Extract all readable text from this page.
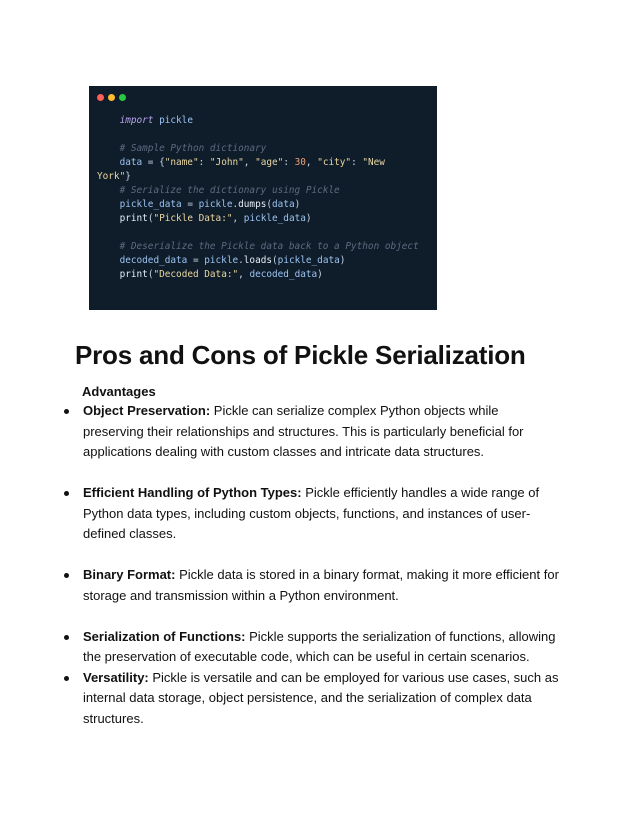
import pickle
# Sample Python dictionary
data = {"name": "John", "age": 30, "city": "New
York"}
# Serialize the dictionary using Pickle
pickle_data = pickle.dumps(data)
print("Pickle Data:", pickle_data)
# Deserialize the Pickle data back to a Python object
decoded_data = pickle.loads(pickle_data)
print("Decoded Data:", decoded_data)
Pros and Cons of Pickle Serialization

Advantages

Object Preservation: Pickle can serialize complex Python objects while preserving their relationships and structures. This is particularly beneficial for applications dealing with custom classes and intricate data structures.
Efficient Handling of Python Types: Pickle efficiently handles a wide range of Python data types, including custom objects, functions, and instances of user-defined classes.
Binary Format: Pickle data is stored in a binary format, making it more efficient for storage and transmission within a Python environment.
Serialization of Functions: Pickle supports the serialization of functions, allowing the preservation of executable code, which can be useful in certain scenarios.
Versatility: Pickle is versatile and can be employed for various use cases, such as internal data storage, object persistence, and the serialization of complex data structures.
